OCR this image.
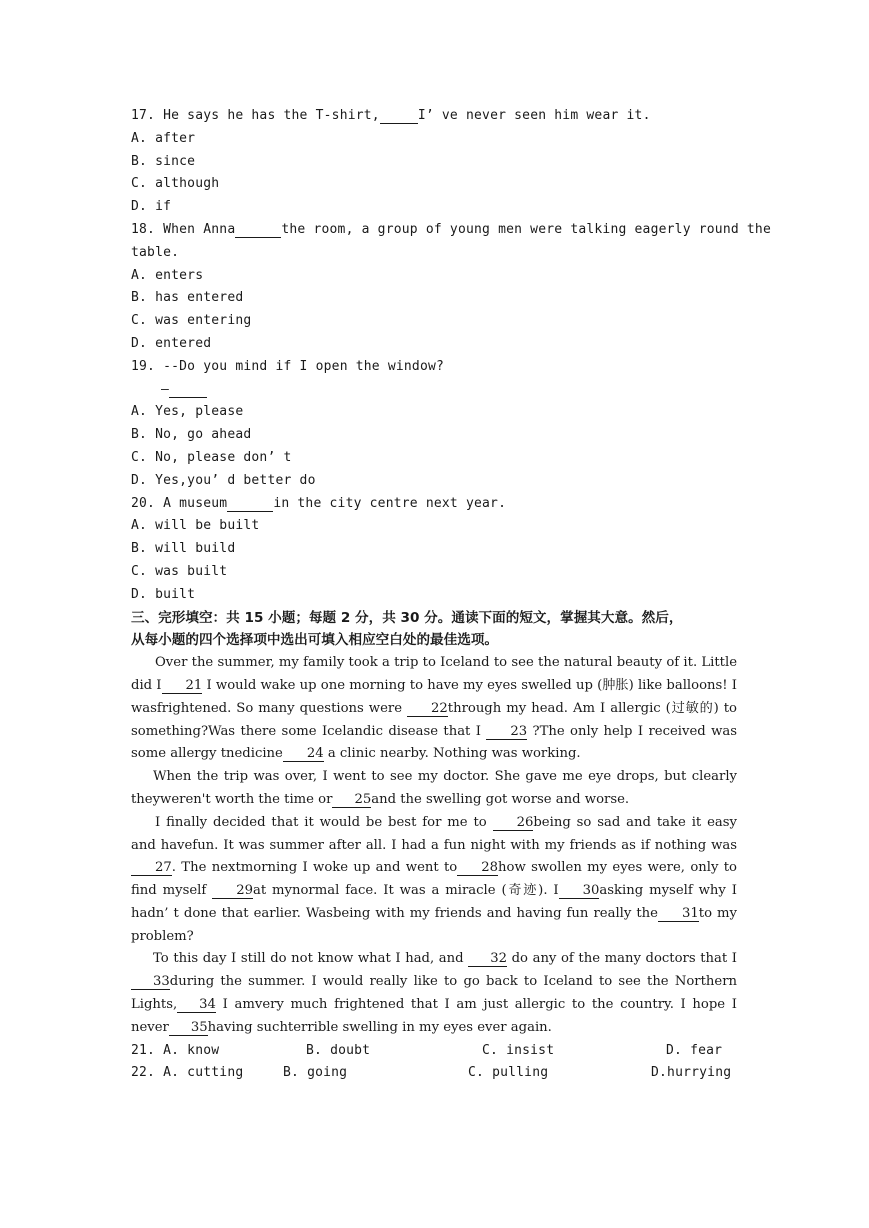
17. He says he has the T-shirt,	I’ ve never seen him wear it.

A. after

B. since

C. although

D. if

18. When Anna	the room, a group of young men were talking eagerly round the

table.

A. enters

B. has entered

C. was entering

D. entered

19. --Do you mind if I open the window?

—

A. Yes, please

B. No, go ahead

C. No, please don’ t

D. Yes,you’ d better do

20. A museum	in the city centre next year.

A. will be built

B. will build

C. was built

D. built

三、完形填空：共 15 小题；每题 2 分，共 30 分。通读下面的短文，掌握其大意。然后，

从每小题的四个选择项中选出可填入相应空白处的最佳选项。

Over the summer, my family took a trip to Iceland to see the natural beauty of it. Little did I 21 I would wake up one morning to have my eyes swelled up (肿胀) like balloons! I wasfrightened. So many questions were 22through my head. Am I allergic (过敏的) to something?Was there some Icelandic disease that I 23 ?The only help I received was some allergy tnedicine 24 a clinic nearby. Nothing was working.

When the trip was over, I went to see my doctor. She gave me eye drops, but clearly theyweren't worth the time or 25and the swelling got worse and worse.

I finally decided that it would be best for me to 26being so sad and take it easy and havefun. It was summer after all. I had a fun night with my friends as if nothing was27. The nextmorning I woke up and went to 28how swollen my eyes were, only to find myself 29at mynormal face. It was a miracle (奇迹). I 30asking myself why I hadn’ t done that earlier. Wasbeing with my friends and having fun really the 31to my problem?

To this day I still do not know what I had, and 32 do any of the many doctors that I 33during the summer. I would really like to go back to Iceland to see the Northern Lights, 34 I amvery much frightened that I am just allergic to the country. I hope I never 35having suchterrible swelling in my eyes ever again.

21. A. know	B. doubt	C. insist	D. fear
22. A. cutting	B. going	C. pulling	D.hurrying
